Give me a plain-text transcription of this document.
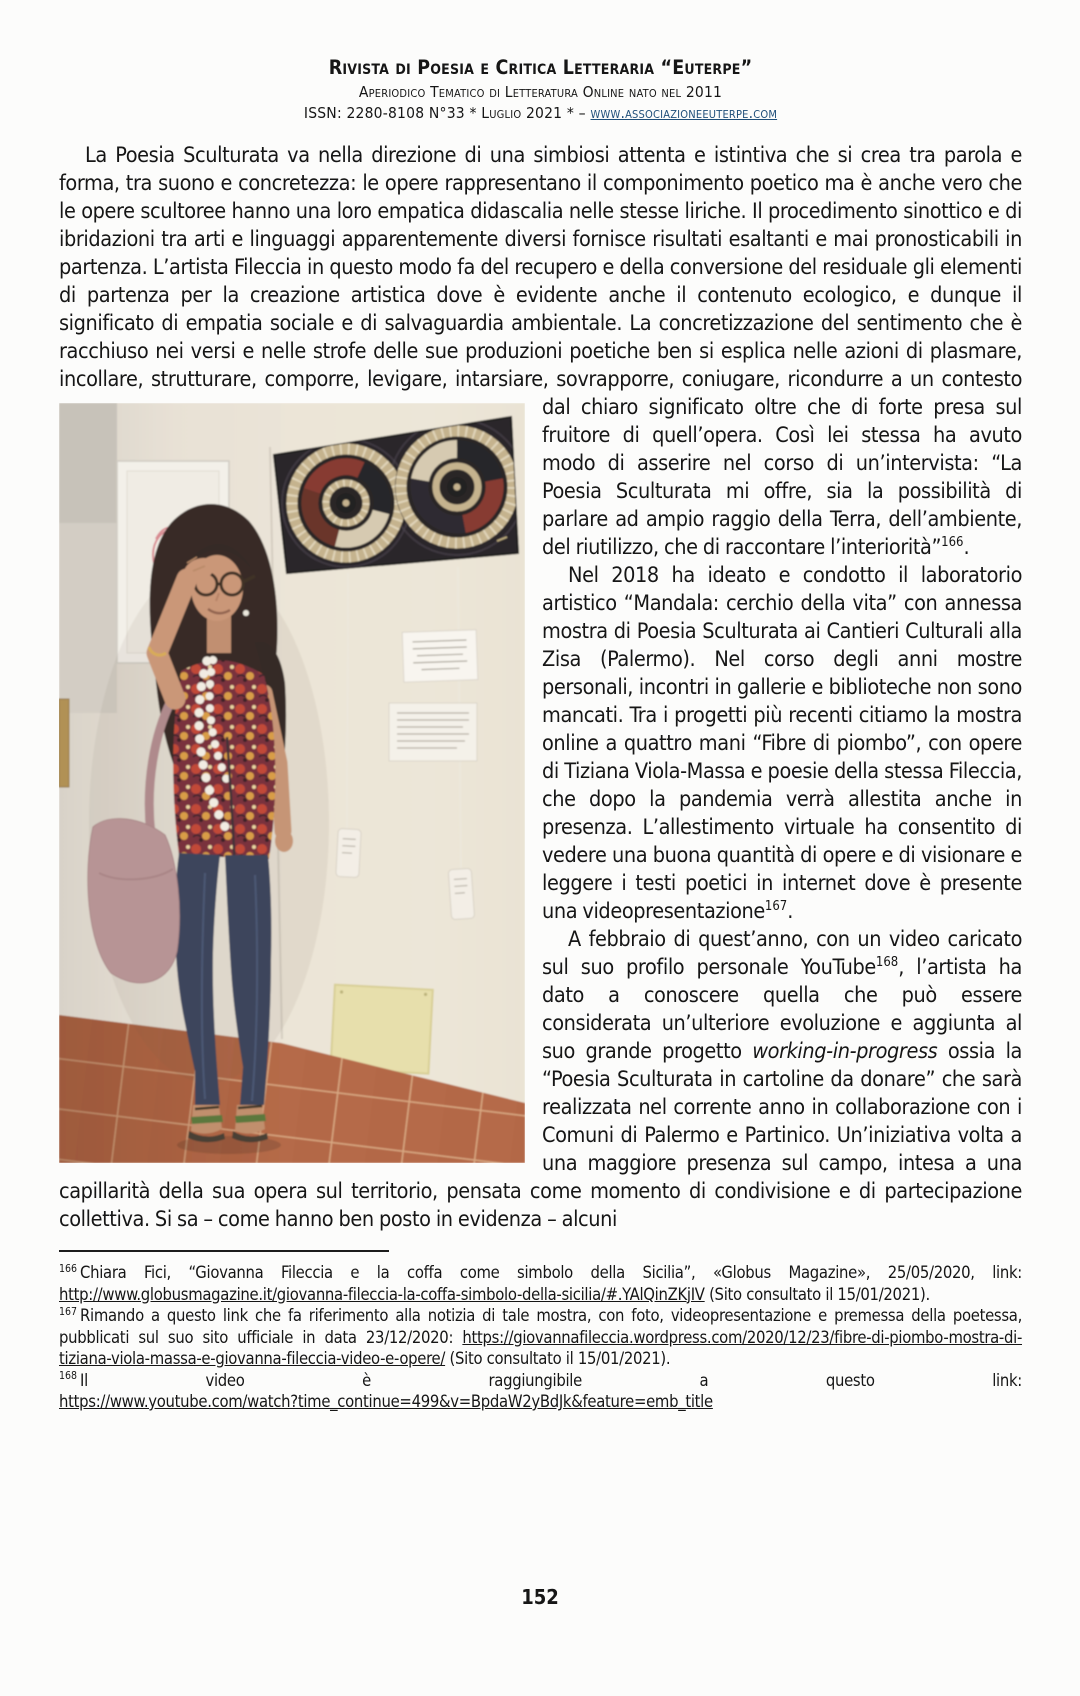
Rivista di Poesia e Critica Letteraria “Euterpe”
Aperiodico Tematico di Letteratura Online nato nel 2011
ISSN: 2280-8108 N°33 * Luglio 2021 * – www.associazioneeuterpe.com

La Poesia Sculturata va nella direzione di una simbiosi attenta e istintiva che si crea tra parola e forma, tra suono e concretezza: le opere rappresentano il componimento poetico ma è anche vero che le opere scultoree hanno una loro empatica didascalia nelle stesse liriche. Il procedimento sinottico e di ibridazioni tra arti e linguaggi apparentemente diversi fornisce risultati esaltanti e mai pronosticabili in partenza. L’artista Fileccia in questo modo fa del recupero e della conversione del residuale gli elementi di partenza per la creazione artistica dove è evidente anche il contenuto ecologico, e dunque il significato di empatia sociale e di salvaguardia ambientale. La concretizzazione del sentimento che è racchiuso nei versi e nelle strofe delle sue produzioni poetiche ben si esplica nelle azioni di plasmare, incollare, strutturare, comporre, levigare, intarsiare, sovrapporre, coniugare, ricondurre a
un contesto dal chiaro significato oltre che di forte presa sul fruitore di quell’opera. Così lei stessa ha avuto modo di asserire nel corso di un’intervista: “La Poesia Sculturata mi offre, sia la possibilità di parlare ad ampio raggio della Terra, dell’ambiente, del riutilizzo, che di raccontare l’interiorità”$^{166}$.

Nel 2018 ha ideato e condotto il laboratorio artistico “Mandala: cerchio della vita” con annessa mostra di Poesia Sculturata ai Cantieri Culturali alla Zisa (Palermo). Nel corso degli anni mostre personali, incontri in gallerie e biblioteche non sono mancati. Tra i progetti più recenti citiamo la mostra online a quattro mani “Fibre di piombo”, con opere di Tiziana Viola-Massa e poesie della stessa Fileccia, che dopo la pandemia verrà allestita anche in presenza. L’allestimento virtuale ha consentito di vedere una buona quantità di opere e di visionare e leggere i testi poetici in internet dove è presente una videopresentazione$^{167}$.

A febbraio di quest’anno, con un video caricato sul suo profilo personale YouTube$^{168}$, l’artista ha dato a conoscere quella che può essere considerata un’ulteriore evoluzione e aggiunta al suo grande progetto working-in-progress ossia la “Poesia Sculturata in cartoline da donare” che sarà realizzata nel corrente anno in collaborazione con i Comuni di Palermo e Partinico. Un’iniziativa volta a una maggiore presenza sul campo, intesa a una capillarità della sua opera sul territorio, pensata come momento di condivisione e di partecipazione collettiva. Si sa – come hanno ben posto in evidenza – alcuni

$^{166}$ Chiara Fici, “Giovanna Fileccia e la coffa come simbolo della Sicilia”, «Globus Magazine», 25/05/2020, link: http://www.globusmagazine.it/giovanna-fileccia-la-coffa-simbolo-della-sicilia/#.YAlQinZKjIV (Sito consultato il 15/01/2021).
$^{167}$ Rimando a questo link che fa riferimento alla notizia di tale mostra, con foto, videopresentazione e premessa della poetessa, pubblicati sul suo sito ufficiale in data 23/12/2020: https://giovannafileccia.wordpress.com/2020/12/23/fibre-di-piombo-mostra-di-tiziana-viola-massa-e-giovanna-fileccia-video-e-opere/ (Sito consultato il 15/01/2021).
$^{168}$ Il video è raggiungibile a questo link:
https://www.youtube.com/watch?time_continue=499&v=BpdaW2yBdJk&feature=emb_title
152
